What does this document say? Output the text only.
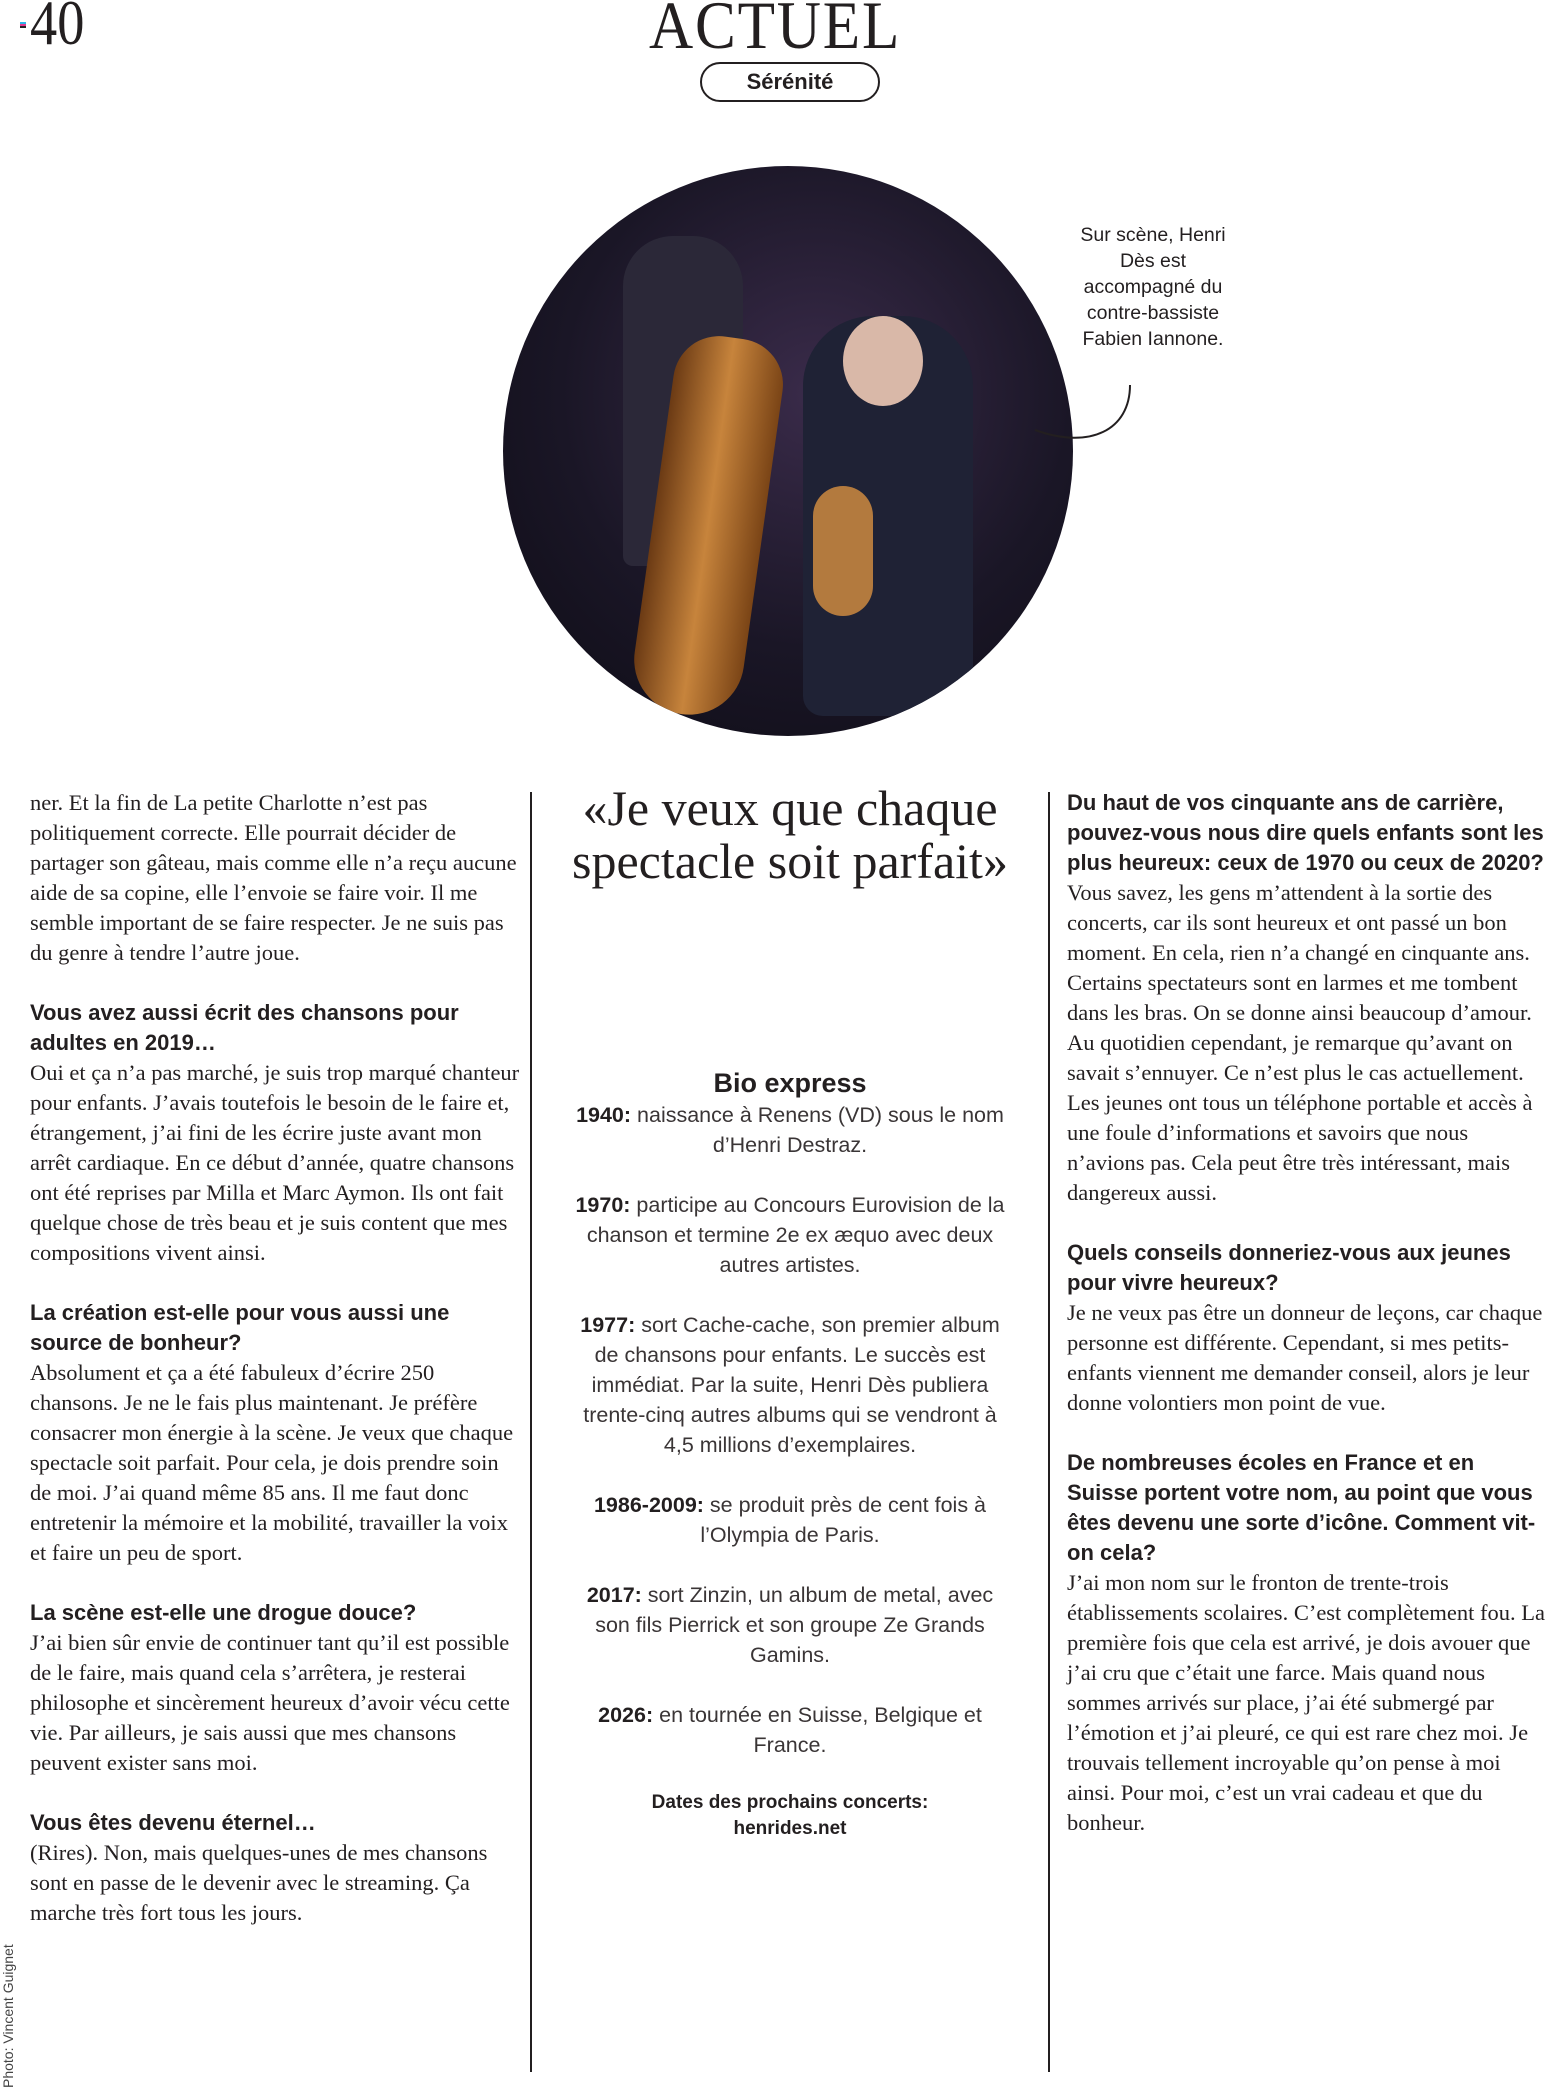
40	ACTUEL
Sérénité
Sur scène, Henri Dès est accompagné du contre-bassiste Fabien Iannone.

ner. Et la fin de La petite Charlotte n’est pas politiquement correcte. Elle pourrait décider de partager son gâteau, mais comme elle n’a reçu aucune aide de sa copine, elle l’envoie se faire voir. Il me semble important de se faire respecter. Je ne suis pas du genre à tendre l’autre joue.

Vous avez aussi écrit des chansons pour adultes en 2019…

Oui et ça n’a pas marché, je suis trop marqué chanteur pour enfants. J’avais toutefois le besoin de le faire et, étrangement, j’ai fini de les écrire juste avant mon arrêt cardiaque. En ce début d’année, quatre chansons ont été reprises par Milla et Marc Aymon. Ils ont fait quelque chose de très beau et je suis content que mes compositions vivent ainsi.

La création est-elle pour vous aussi une source de bonheur?

Absolument et ça a été fabuleux d’écrire 250 chansons. Je ne le fais plus maintenant. Je préfère consacrer mon énergie à la scène. Je veux que chaque spectacle soit parfait. Pour cela, je dois prendre soin de moi. J’ai quand même 85 ans. Il me faut donc entretenir la mémoire et la mobilité, travailler la voix et faire un peu de sport.

La scène est-elle une drogue douce?

J’ai bien sûr envie de continuer tant qu’il est possible de le faire, mais quand cela s’arrêtera, je resterai philosophe et sincèrement heureux d’avoir vécu cette vie. Par ailleurs, je sais aussi que mes chansons peuvent exister sans moi.

Vous êtes devenu éternel…

(Rires). Non, mais quelques-unes de mes chansons sont en passe de le devenir avec le streaming. Ça marche très fort tous les jours.

«Je veux que chaque spectacle soit parfait»
Bio express
1940: naissance à Renens (VD) sous le nom d’Henri Destraz.
1970: participe au Concours Eurovision de la chanson et termine 2e ex æquo avec deux autres artistes.
1977: sort Cache-cache, son premier album de chansons pour enfants. Le succès est immédiat. Par la suite, Henri Dès publiera trente-cinq autres albums qui se vendront à 4,5 millions d’exemplaires.
1986-2009: se produit près de cent fois à l’Olympia de Paris.
2017: sort Zinzin, un album de metal, avec son fils Pierrick et son groupe Ze Grands Gamins.
2026: en tournée en Suisse, Belgique et France.
Dates des prochains concerts:
henrides.net
Du haut de vos cinquante ans de carrière, pouvez-vous nous dire quels enfants sont les plus heureux: ceux de 1970 ou ceux de 2020?

Vous savez, les gens m’attendent à la sortie des concerts, car ils sont heureux et ont passé un bon moment. En cela, rien n’a changé en cinquante ans. Certains spectateurs sont en larmes et me tombent dans les bras. On se donne ainsi beaucoup d’amour. Au quotidien cependant, je remarque qu’avant on savait s’ennuyer. Ce n’est plus le cas actuellement. Les jeunes ont tous un téléphone portable et accès à une foule d’informations et savoirs que nous n’avions pas. Cela peut être très intéressant, mais dangereux aussi.

Quels conseils donneriez-vous aux jeunes pour vivre heureux?

Je ne veux pas être un donneur de leçons, car chaque personne est différente. Cependant, si mes petits-enfants viennent me demander conseil, alors je leur donne volontiers mon point de vue.

De nombreuses écoles en France et en Suisse portent votre nom, au point que vous êtes devenu une sorte d’icône. Comment vit-on cela?

J’ai mon nom sur le fronton de trente-trois établissements scolaires. C’est complètement fou. La première fois que cela est arrivé, je dois avouer que j’ai cru que c’était une farce. Mais quand nous sommes arrivés sur place, j’ai été submergé par l’émotion et j’ai pleuré, ce qui est rare chez moi. Je trouvais tellement incroyable qu’on pense à moi ainsi. Pour moi, c’est un vrai cadeau et que du bonheur.

Photo: Vincent Guignet
